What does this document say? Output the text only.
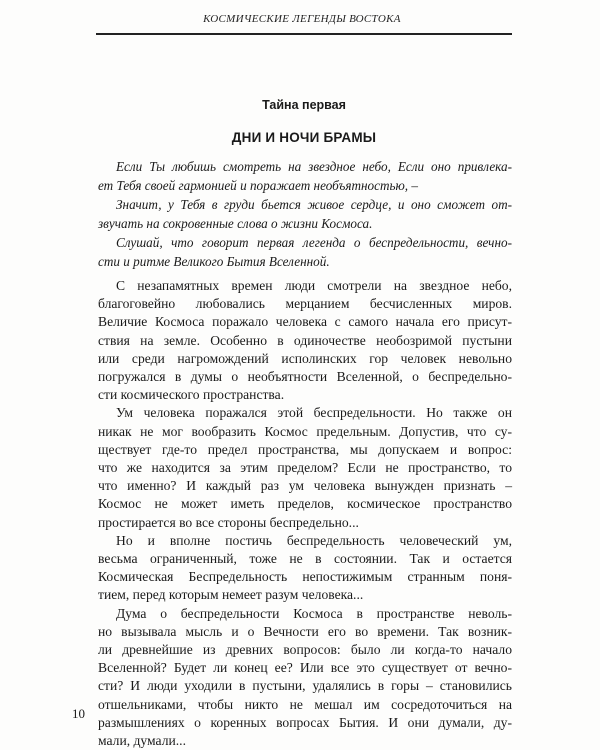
КОСМИЧЕСКИЕ ЛЕГЕНДЫ ВОСТОКА
Тайна первая
ДНИ И НОЧИ БРАМЫ
Если Ты любишь смотреть на звездное небо, Если оно привлека-
ет Тебя своей гармонией и поражает необъятностью, –
Значит, у Тебя в груди бьется живое сердце, и оно сможет от-
звучать на сокровенные слова о жизни Космоса.
Слушай, что говорит первая легенда о беспредельности, вечно-
сти и ритме Великого Бытия Вселенной.
С незапамятных времен люди смотрели на звездное небо,
благоговейно любовались мерцанием бесчисленных миров.
Величие Космоса поражало человека с самого начала его присут-
ствия на земле. Особенно в одиночестве необозримой пустыни
или среди нагромождений исполинских гор человек невольно
погружался в думы о необъятности Вселенной, о беспредельно-
сти космического пространства.
Ум человека поражался этой беспредельности. Но также он
никак не мог вообразить Космос предельным. Допустив, что су-
ществует где-то предел пространства, мы допускаем и вопрос:
что же находится за этим пределом? Если не пространство, то
что именно? И каждый раз ум человека вынужден признать –
Космос не может иметь пределов, космическое пространство
простирается во все стороны беспредельно...
Но и вполне постичь беспредельность человеческий ум,
весьма ограниченный, тоже не в состоянии. Так и остается
Космическая Беспредельность непостижимым странным поня-
тием, перед которым немеет разум человека...
Дума о беспредельности Космоса в пространстве неволь-
но вызывала мысль и о Вечности его во времени. Так возник-
ли древнейшие из древних вопросов: было ли когда-то начало
Вселенной? Будет ли конец ее? Или все это существует от вечно-
сти? И люди уходили в пустыни, удалялись в горы – становились
отшельниками, чтобы никто не мешал им сосредоточиться на
размышлениях о коренных вопросах Бытия. И они думали, ду-
мали, думали...
10
